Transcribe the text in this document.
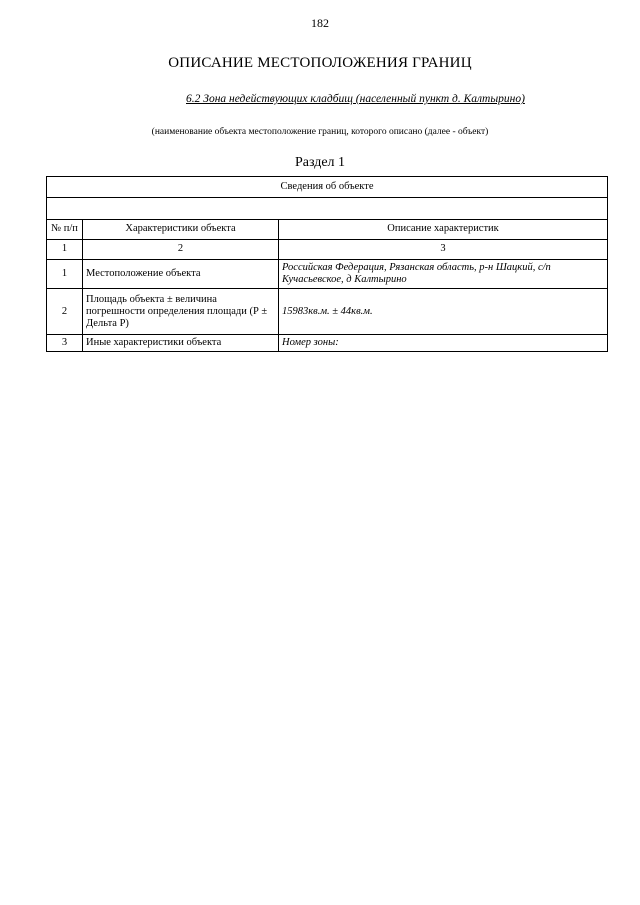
182
ОПИСАНИЕ МЕСТОПОЛОЖЕНИЯ ГРАНИЦ
6.2 Зона недействующих кладбищ (населенный пункт д. Калтырино)
(наименование объекта местоположение границ, которого описано (далее - объект)
Раздел 1
Сведения об объекте		

№ п/п	Характеристики объекта	Описание характеристик
1	2	3
1	Местоположение объекта	Российская Федерация, Рязанская область, р-н Шацкий, с/п Кучасьевское, д Калтырино
2	Площадь объекта ± величина погрешности определения площади (Р ± Дельта Р)	15983кв.м. ± 44кв.м.
3	Иные характеристики объекта	Номер зоны:
